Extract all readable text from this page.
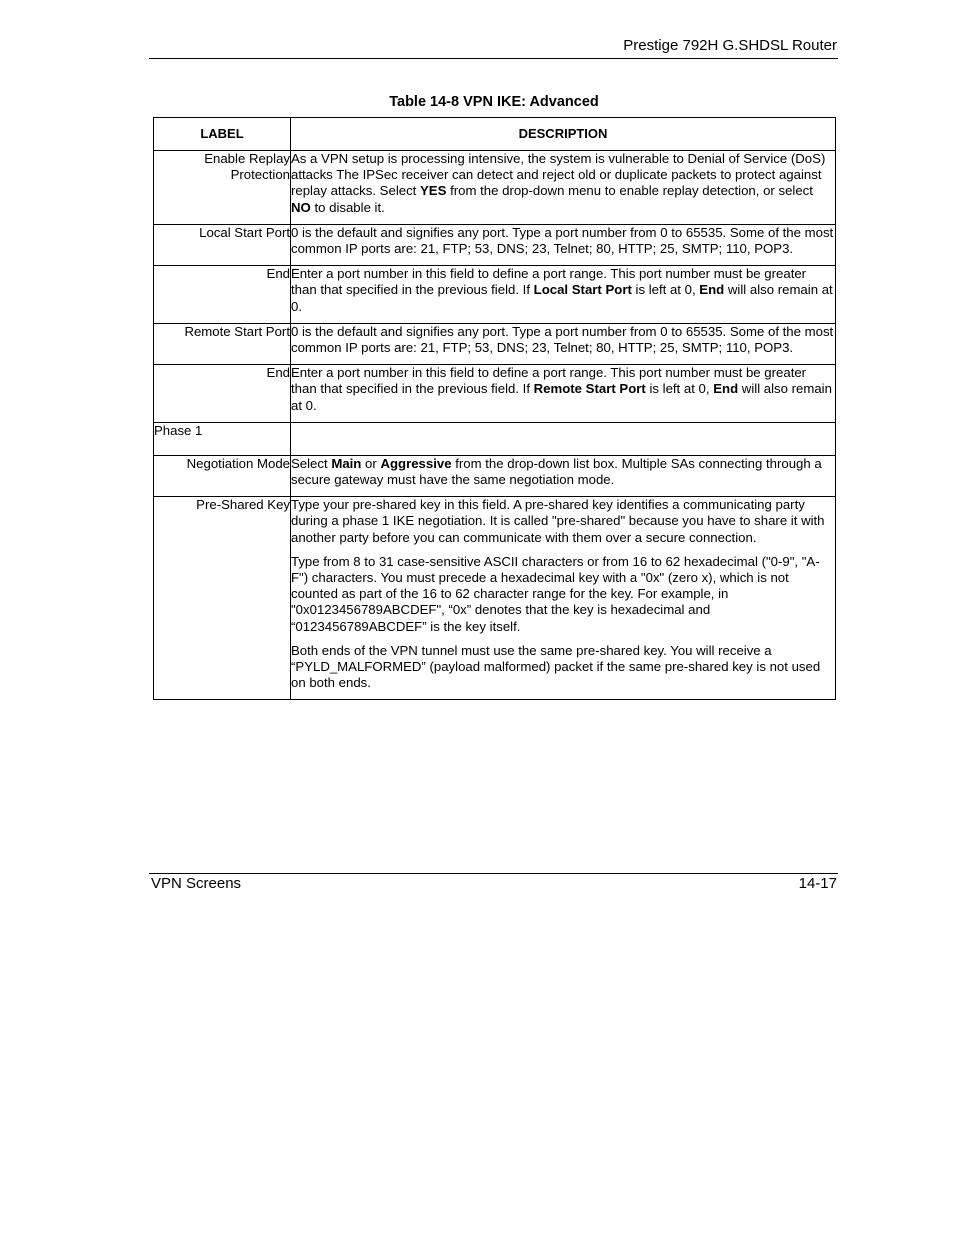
Prestige 792H G.SHDSL Router
Table 14-8 VPN IKE: Advanced
LABEL	DESCRIPTION
Enable Replay Protection	As a VPN setup is processing intensive, the system is vulnerable to Denial of Service (DoS) attacks The IPSec receiver can detect and reject old or duplicate packets to protect against replay attacks. Select YES from the drop-down menu to enable replay detection, or select NO to disable it.

Local Start Port	0 is the default and signifies any port. Type a port number from 0 to 65535. Some of the most common IP ports are: 21, FTP; 53, DNS; 23, Telnet; 80, HTTP; 25, SMTP; 110, POP3.

End	Enter a port number in this field to define a port range. This port number must be greater than that specified in the previous field. If Local Start Port is left at 0, End will also remain at 0.

Remote Start Port	0 is the default and signifies any port. Type a port number from 0 to 65535. Some of the most common IP ports are: 21, FTP; 53, DNS; 23, Telnet; 80, HTTP; 25, SMTP; 110, POP3.

End	Enter a port number in this field to define a port range. This port number must be greater than that specified in the previous field. If Remote Start Port is left at 0, End will also remain at 0.

Phase 1	
Negotiation Mode	Select Main or Aggressive from the drop-down list box. Multiple SAs connecting through a secure gateway must have the same negotiation mode.

Pre-Shared Key	Type your pre-shared key in this field. A pre-shared key identifies a communicating party during a phase 1 IKE negotiation. It is called "pre-shared" because you have to share it with another party before you can communicate with them over a secure connection.

Type from 8 to 31 case-sensitive ASCII characters or from 16 to 62 hexadecimal ("0-9", "A-F") characters. You must precede a hexadecimal key with a "0x" (zero x), which is not counted as part of the 16 to 62 character range for the key. For example, in "0x0123456789ABCDEF", “0x” denotes that the key is hexadecimal and “0123456789ABCDEF” is the key itself.

Both ends of the VPN tunnel must use the same pre-shared key. You will receive a “PYLD_MALFORMED” (payload malformed) packet if the same pre-shared key is not used on both ends.

VPN Screens	14-17
